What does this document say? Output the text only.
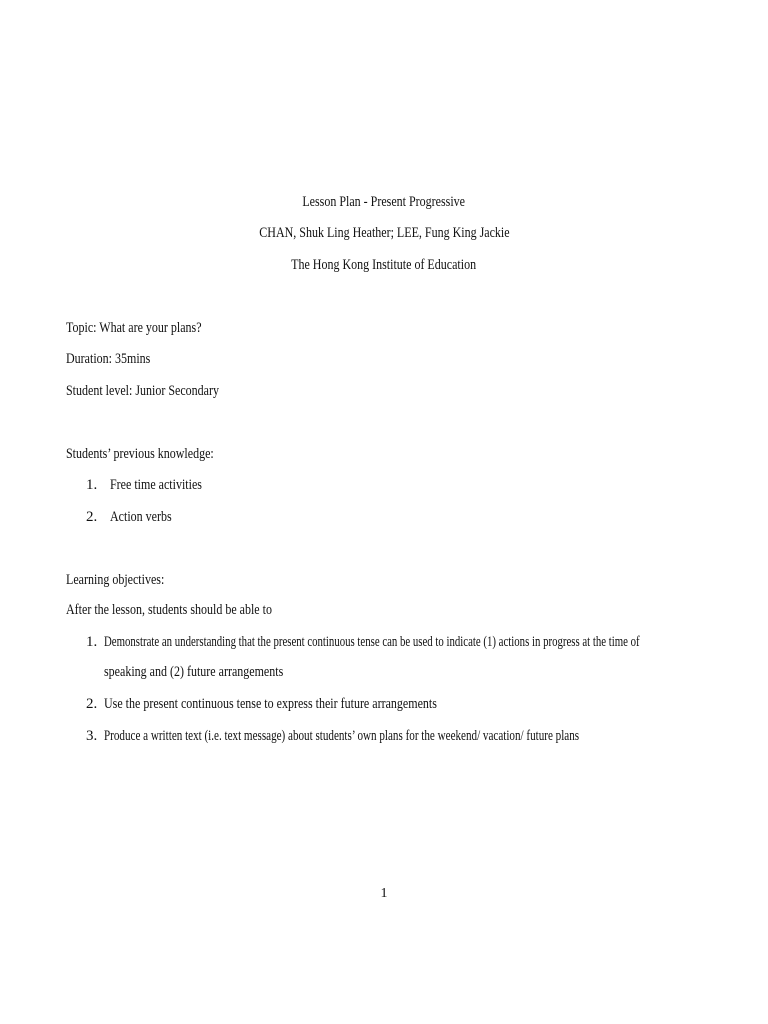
Lesson Plan - Present Progressive
CHAN, Shuk Ling Heather; LEE, Fung King Jackie
The Hong Kong Institute of Education
Topic: What are your plans?
Duration: 35mins
Student level: Junior Secondary
Students’ previous knowledge:
1. Free time activities
2. Action verbs
Learning objectives:
After the lesson, students should be able to
1. Demonstrate an understanding that the present continuous tense can be used to indicate (1) actions in progress at the time of
speaking and (2) future arrangements
2. Use the present continuous tense to express their future arrangements
3. Produce a written text (i.e. text message) about students’ own plans for the weekend/ vacation/ future plans
1
